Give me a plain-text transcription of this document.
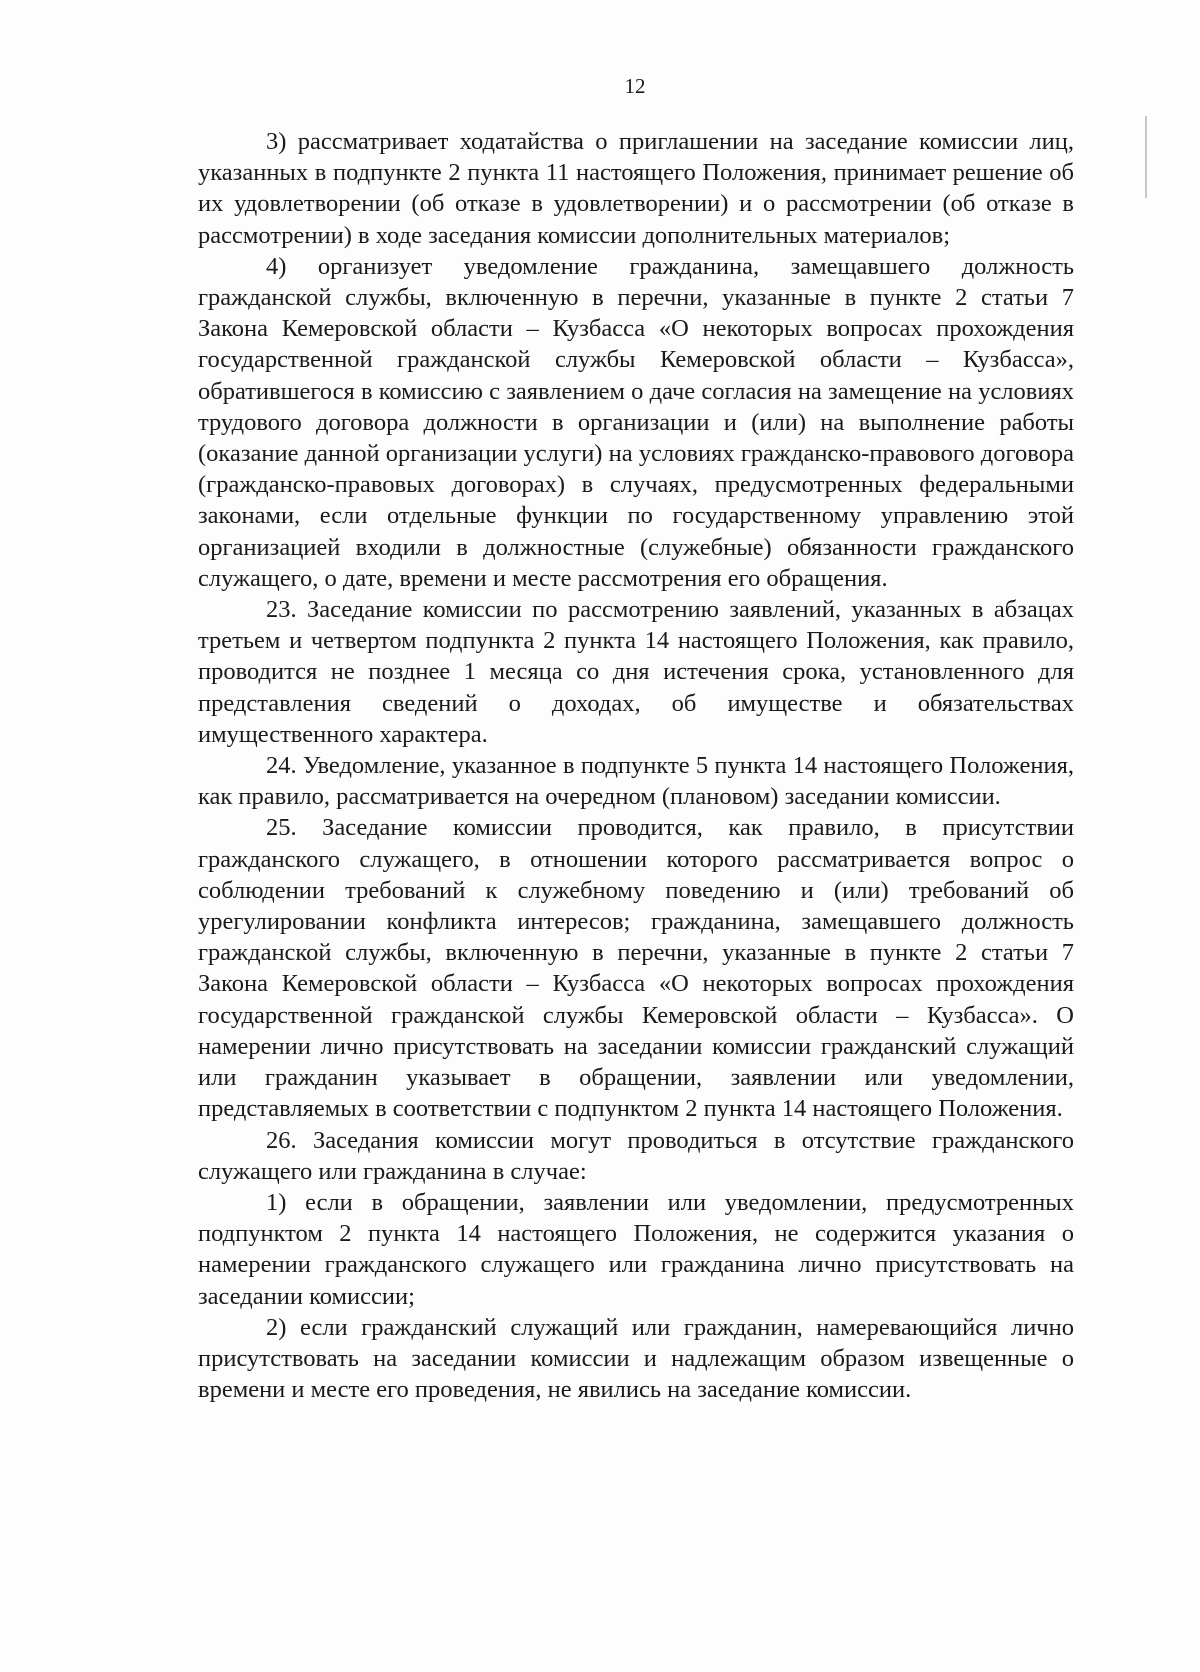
12

3) рассматривает ходатайства о приглашении на заседание комиссии лиц, указанных в подпункте 2 пункта 11 настоящего Положения, принимает решение об их удовлетворении (об отказе в удовлетворении) и о рассмотрении (об отказе в рассмотрении) в ходе заседания комиссии дополнительных материалов;

4) организует уведомление гражданина, замещавшего должность гражданской службы, включенную в перечни, указанные в пункте 2 статьи 7 Закона Кемеровской области – Кузбасса «О некоторых вопросах прохождения государственной гражданской службы Кемеровской области – Кузбасса», обратившегося в комиссию с заявлением о даче согласия на замещение на условиях трудового договора должности в организации и (или) на выполнение работы (оказание данной организации услуги) на условиях гражданско-правового договора (гражданско-правовых договорах) в случаях, предусмотренных федеральными законами, если отдельные функции по государственному управлению этой организацией входили в должностные (служебные) обязанности гражданского служащего, о дате, времени и месте рассмотрения его обращения.

23. Заседание комиссии по рассмотрению заявлений, указанных в абзацах третьем и четвертом подпункта 2 пункта 14 настоящего Положения, как правило, проводится не позднее 1 месяца со дня истечения срока, установленного для представления сведений о доходах, об имуществе и обязательствах имущественного характера.

24. Уведомление, указанное в подпункте 5 пункта 14 настоящего Положения, как правило, рассматривается на очередном (плановом) заседании комиссии.

25. Заседание комиссии проводится, как правило, в присутствии гражданского служащего, в отношении которого рассматривается вопрос о соблюдении требований к служебному поведению и (или) требований об урегулировании конфликта интересов; гражданина, замещавшего должность гражданской службы, включенную в перечни, указанные в пункте 2 статьи 7 Закона Кемеровской области – Кузбасса «О некоторых вопросах прохождения государственной гражданской службы Кемеровской области – Кузбасса». О намерении лично присутствовать на заседании комиссии гражданский служащий или гражданин указывает в обращении, заявлении или уведомлении, представляемых в соответствии с подпунктом 2 пункта 14 настоящего Положения.

26. Заседания комиссии могут проводиться в отсутствие гражданского служащего или гражданина в случае:

1) если в обращении, заявлении или уведомлении, предусмотренных подпунктом 2 пункта 14 настоящего Положения, не содержится указания о намерении гражданского служащего или гражданина лично присутствовать на заседании комиссии;

2) если гражданский служащий или гражданин, намеревающийся лично присутствовать на заседании комиссии и надлежащим образом извещенные о времени и месте его проведения, не явились на заседание комиссии.
